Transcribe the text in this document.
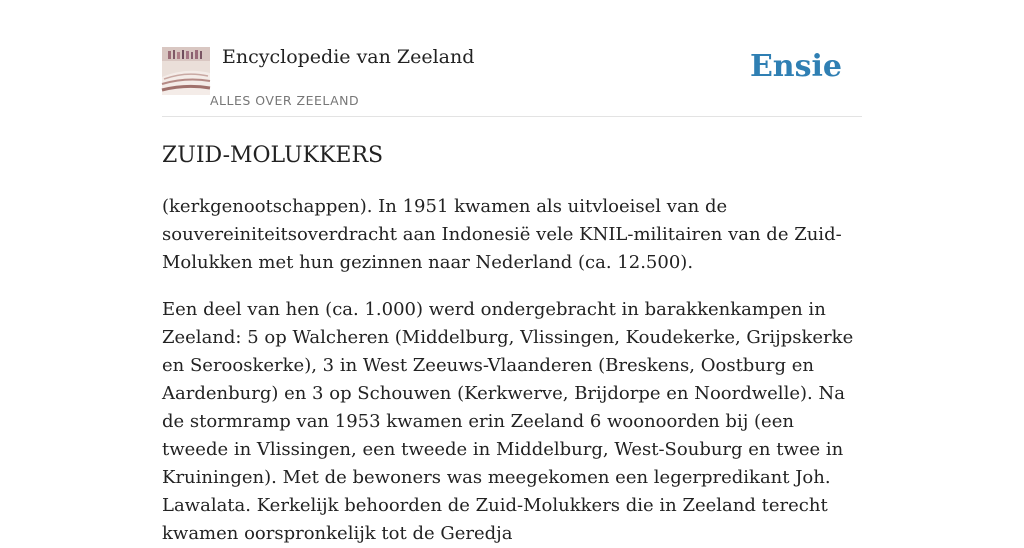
Encyclopedie van Zeeland
ALLES OVER ZEELAND
Ensie
ZUID-MOLUKKERS

(kerkgenootschappen). In 1951 kwamen als uitvloeisel van de souvereiniteitsoverdracht aan Indonesië vele KNIL-militairen van de Zuid-Molukken met hun gezinnen naar Nederland (ca. 12.500).

Een deel van hen (ca. 1.000) werd ondergebracht in barakkenkampen in Zeeland: 5 op Walcheren (Middelburg, Vlissingen, Koudekerke, Grijpskerke en Serooskerke), 3 in West Zeeuws-Vlaanderen (Breskens, Oostburg en Aardenburg) en 3 op Schouwen (Kerkwerve, Brijdorpe en Noordwelle). Na de stormramp van 1953 kwamen erin Zeeland 6 woonoorden bij (een tweede in Vlissingen, een tweede in Middelburg, West-Souburg en twee in Kruiningen). Met de bewoners was meegekomen een legerpredikant Joh. Lawalata. Kerkelijk behoorden de Zuid-Molukkers die in Zeeland terecht kwamen oorspronkelijk tot de Geredja
